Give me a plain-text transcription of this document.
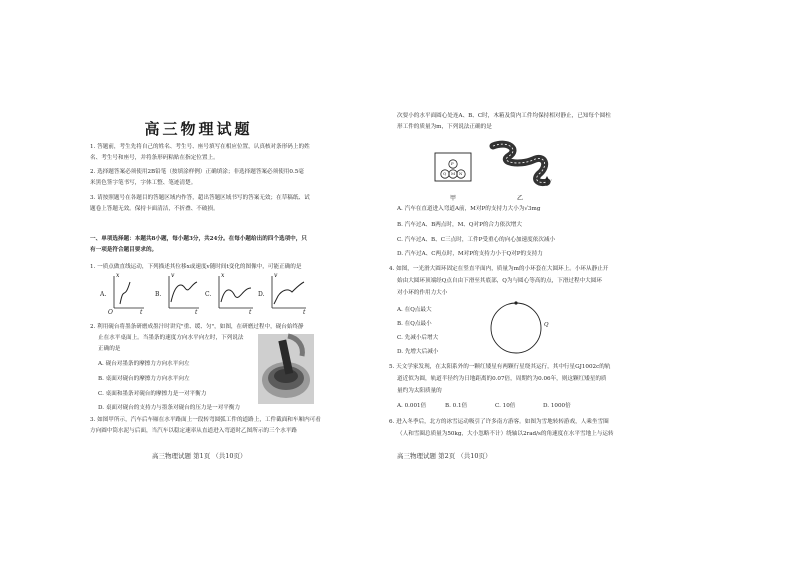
高三物理试题
1. 答题前，考生先将自己的姓名、考生号、座号填写在相应位置，认真核对条形码上的姓
名、考生号和座号，并将条形码粘贴在指定位置上。
2. 选择题答案必须使用2B铅笔（按填涂样例）正确填涂；非选择题答案必须使用0.5毫
米黑色签字笔书写，字体工整、笔迹清楚。
3. 请按照题号在各题目的答题区域内作答，超出答题区域书写的答案无效；在草稿纸、试
题卷上答题无效。保持卡面清洁，不折叠、不破损。
一、单项选择题：本题共8小题，每小题3分，共24分。在每小题给出的四个选项中，只
有一项是符合题目要求的。
1. 一质点做直线运动，下列描述其位移x或速度v随时间t变化的图像中，可能正确的是
A.
x
O	t
B.
v
t
C.
x
t
D.
v
t
2. 利用砚台将墨条研磨成墨汁时讲究"重、缓、匀"，如图，在研磨过程中，砚台始终静
止在水平桌面上。当墨条的速度方向水平向左时，下列说法
正确的是
A. 砚台对墨条的摩擦力方向水平向左
B. 桌面对砚台的摩擦力方向水平向左
C. 桌面和墨条对砚台的摩擦力是一对平衡力
D. 桌面对砚台的支持力与墨条对砚台的压力是一对平衡力
3. 如图甲所示，汽车后车厢在水平路面上一段转弯圆弧工件的道路上，工件截面和车厢内可看
方向圆中筒水泥与后面，当汽车以稳定速率从直道进入弯道时乙图所示的三个水平路
高三物理试题 第1页 （共10页）
次要小的水平面圆心处连A、B、C时，木箱及筒内工件均保持相对静止，已知每个圆柱
形工件的质量为m，下列说法正确的是
P
Q M N
甲
v
乙
A. 汽车在直道进入弯道A前，M对P的支持力大小为√3mg
B. 汽车过A、B两点时，M、Q对P的合力依次增大
C. 汽车过A、B、C三点时，工件P受重心的向心加速度依次减小
D. 汽车过A、C两点时，M对P的支持力小于Q对P的支持力
4. 如图，一光滑大圆环固定在竖直平面内，质量为m的小环套在大圆环上。小环从静止开
始由大圆环顶端经Q点自由下滑至其底部，Q为与圆心等高的点，下滑过程中大圆环
对小环的作用力大小
A. 在Q点最大
B. 在Q点最小
C. 先减小后增大
D. 先增大后减小
Q
5. 天文学家发现，在太阳系外的一颗红矮星有两颗行星绕其运行，其中行星GJ1002c的轨
道近似为圆，轨道半径约为日地距离的0.07倍，周期约为0.06年，则这颗红矮星的质
量约为太阳质量的
A. 0.001倍	B. 0.1倍	C. 10倍	D. 1000倍
6. 进入冬季后，北方的冰雪运动吸引了许多南方游客。如图为雪地转转游戏，人乘坐雪圈
（人和雪圈总质量为50kg，大小忽略不计）绕轴以2rad/s的角速度在水平雪地上与运转
高三物理试题 第2页 （共10页）
